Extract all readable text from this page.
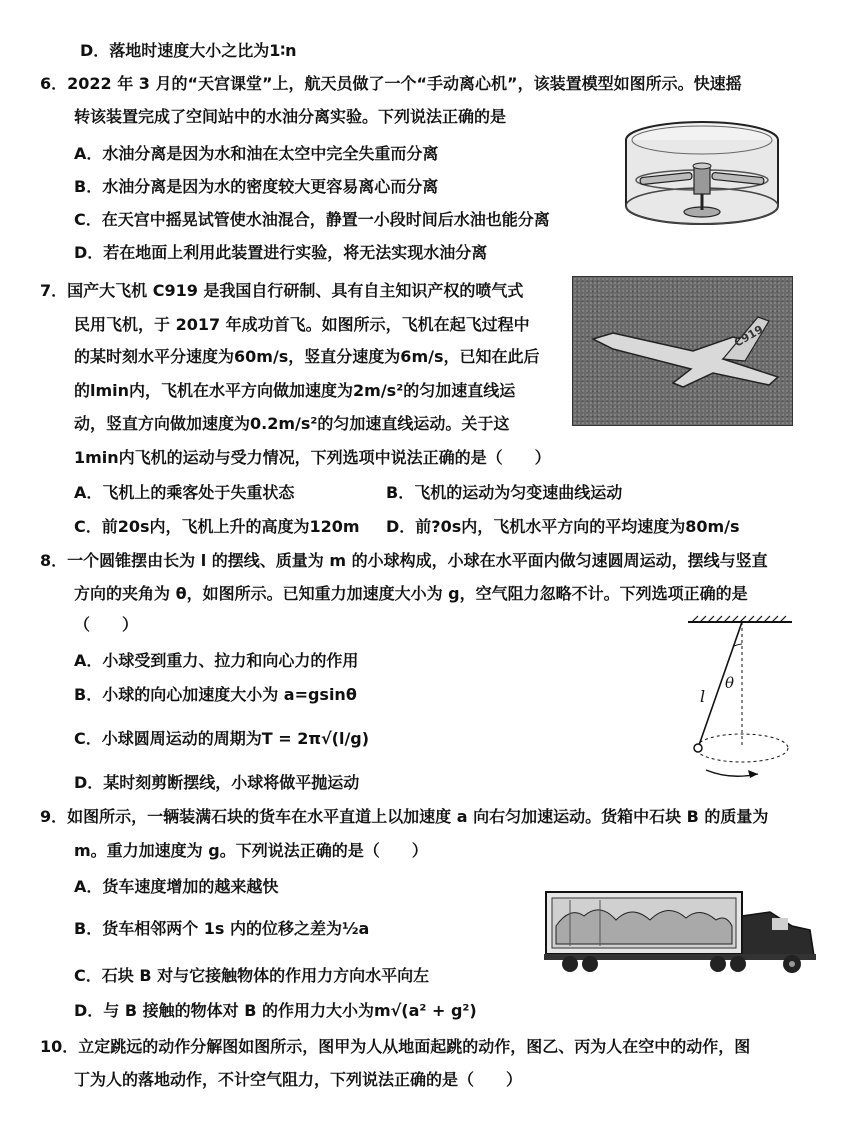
D．落地时速度大小之比为1∶n
6．2022 年 3 月的“天宫课堂”上，航天员做了一个“手动离心机”，该装置模型如图所示。快速摇
转该装置完成了空间站中的水油分离实验。下列说法正确的是
A．水油分离是因为水和油在太空中完全失重而分离
B．水油分离是因为水的密度较大更容易离心而分离
C．在天宫中摇晃试管使水油混合，静置一小段时间后水油也能分离
D．若在地面上利用此装置进行实验，将无法实现水油分离
7．国产大飞机 C919 是我国自行研制、具有自主知识产权的喷气式
民用飞机，于 2017 年成功首飞。如图所示，飞机在起飞过程中
的某时刻水平分速度为60m/s，竖直分速度为6m/s，已知在此后
的lmin内，飞机在水平方向做加速度为2m/s²的匀加速直线运
动，竖直方向做加速度为0.2m/s²的匀加速直线运动。关于这
1min内飞机的运动与受力情况，下列选项中说法正确的是（　　）
A．飞机上的乘客处于失重状态	B．飞机的运动为匀变速曲线运动
C．前20s内，飞机上升的高度为120m D．前?0s内，飞机水平方向的平均速度为80m/s
8．一个圆锥摆由长为 l 的摆线、质量为 m 的小球构成，小球在水平面内做匀速圆周运动，摆线与竖直
方向的夹角为 θ，如图所示。已知重力加速度大小为 g，空气阻力忽略不计。下列选项正确的是
（　　）
A．小球受到重力、拉力和向心力的作用
B．小球的向心加速度大小为 a=gsinθ
C．小球圆周运动的周期为T = 2π√(l/g)
D．某时刻剪断摆线，小球将做平抛运动
9．如图所示，一辆装满石块的货车在水平直道上以加速度 a 向右匀加速运动。货箱中石块 B 的质量为
m。重力加速度为 g。下列说法正确的是（　　）
A．货车速度增加的越来越快
B．货车相邻两个 1s 内的位移之差为½a
C．石块 B 对与它接触物体的作用力方向水平向左
D．与 B 接触的物体对 B 的作用力大小为m√(a² + g²)
10．立定跳远的动作分解图如图所示，图甲为人从地面起跳的动作，图乙、丙为人在空中的动作，图
丁为人的落地动作，不计空气阻力，下列说法正确的是（　　）
C919
l
θ
